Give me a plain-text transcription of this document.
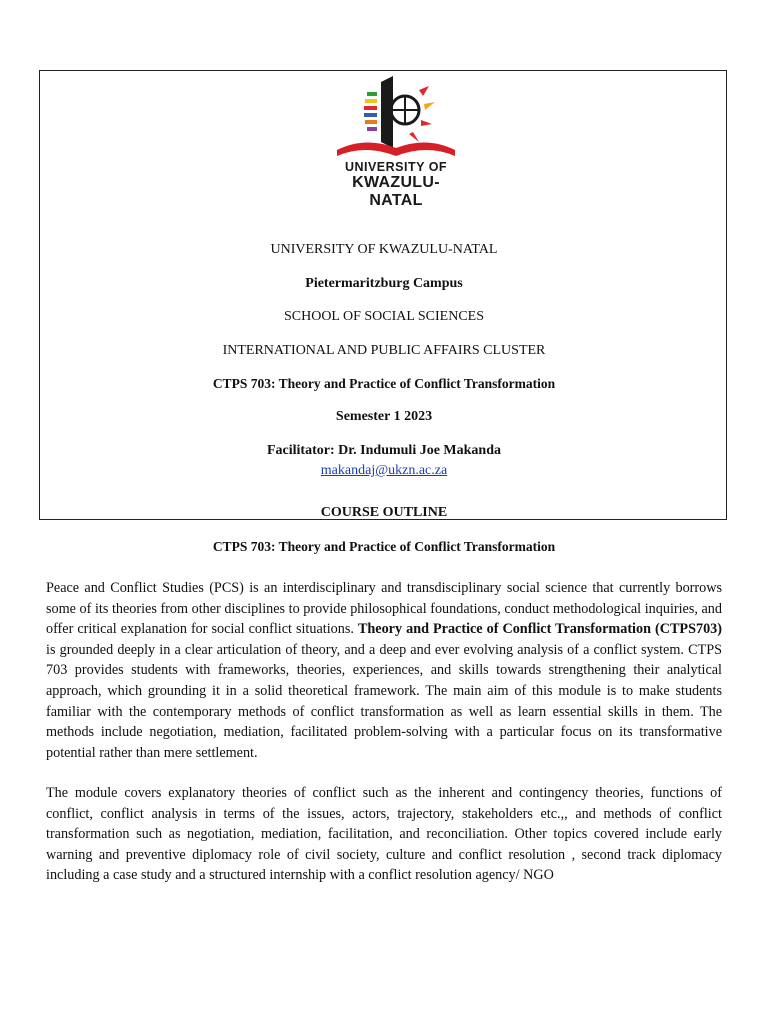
UNIVERSITY OF
KWAZULU-NATAL
UNIVERSITY OF KWAZULU-NATAL
Pietermaritzburg Campus
SCHOOL OF SOCIAL SCIENCES
INTERNATIONAL AND PUBLIC AFFAIRS CLUSTER
CTPS 703: Theory and Practice of Conflict Transformation
Semester 1 2023
Facilitator: Dr. Indumuli Joe Makanda
makandaj@ukzn.ac.za
COURSE OUTLINE
CTPS 703: Theory and Practice of Conflict Transformation
Peace and Conflict Studies (PCS) is an interdisciplinary and transdisciplinary social science that currently borrows some of its theories from other disciplines to provide philosophical foundations, conduct methodological inquiries, and offer critical explanation for social conflict situations. Theory and Practice of Conflict Transformation (CTPS703) is grounded deeply in a clear articulation of theory, and a deep and ever evolving analysis of a conflict system. CTPS 703 provides students with frameworks, theories, experiences, and skills towards strengthening their analytical approach, which grounding it in a solid theoretical framework. The main aim of this module is to make students familiar with the contemporary methods of conflict transformation as well as learn essential skills in them. The methods include negotiation, mediation, facilitated problem-solving with a particular focus on its transformative potential rather than mere settlement.
The module covers explanatory theories of conflict such as the inherent and contingency theories, functions of conflict, conflict analysis in terms of the issues, actors, trajectory, stakeholders etc.,, and methods of conflict transformation such as negotiation, mediation, facilitation, and reconciliation. Other topics covered include early warning and preventive diplomacy role of civil society, culture and conflict resolution , second track diplomacy including a case study and a structured internship with a conflict resolution agency/ NGO
